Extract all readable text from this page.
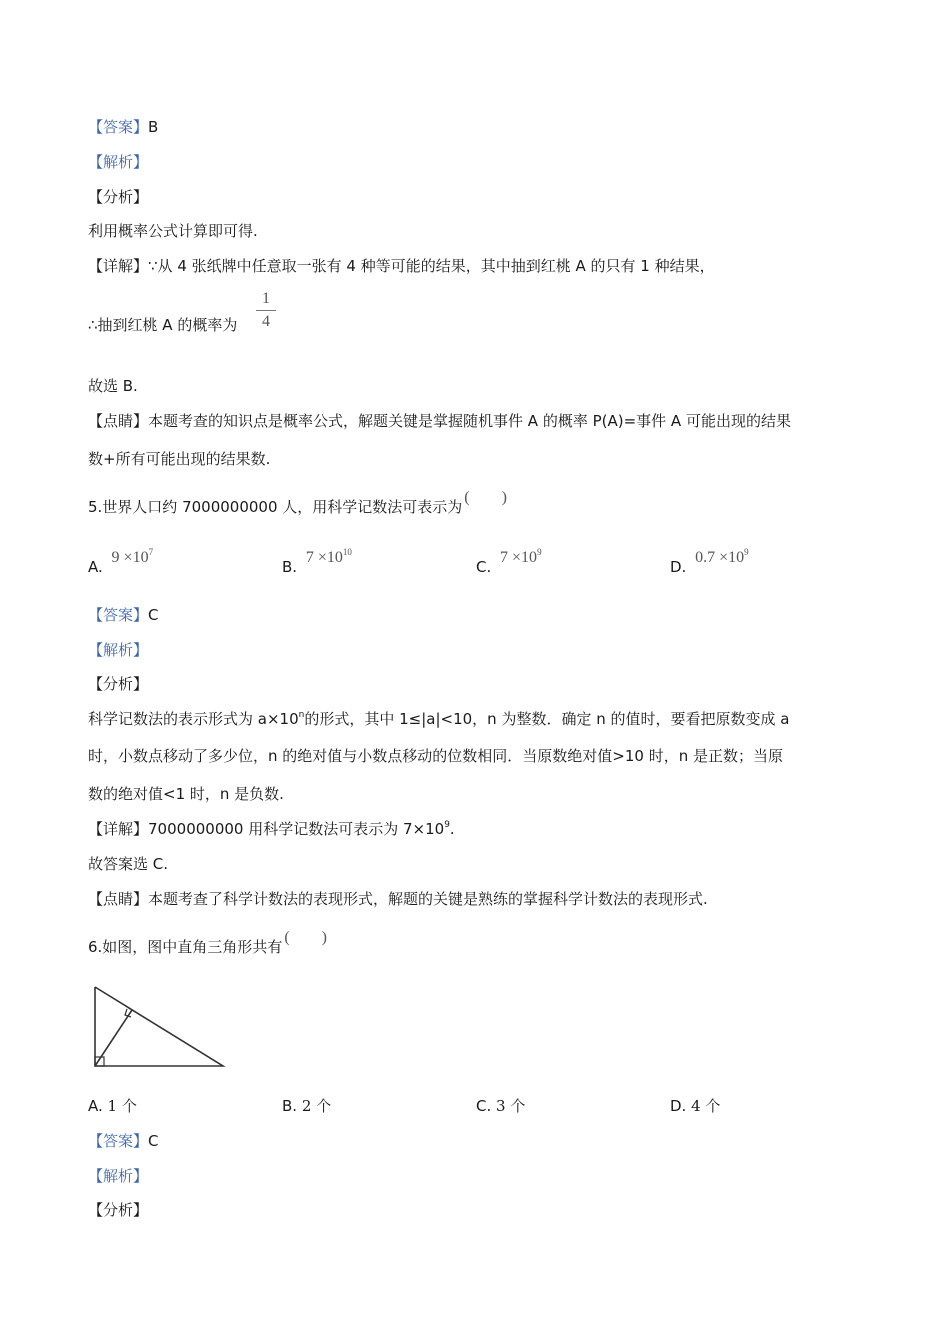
【答案】B
【解析】
【分析】
利用概率公式计算即可得.
【详解】∵从 4 张纸牌中任意取一张有 4 种等可能的结果，其中抽到红桃 A 的只有 1 种结果，
∴抽到红桃 A 的概率为
1
4
故选 B.
【点睛】本题考查的知识点是概率公式，解题关键是掌握随机事件 A 的概率 P(A)=事件 A 可能出现的结果
数+所有可能出现的结果数.
5.世界人口约 7000000000 人，用科学记数法可表示为(　　)
A. $9 \times 10^7$
B. $7 \times 10^{10}$
C. $7 \times 10^9$
D. $0.7 \times 10^9$
【答案】C
【解析】
【分析】
科学记数法的表示形式为 $a\times 10^n$的形式，其中 1≤|a|<10，n 为整数．确定 n 的值时，要看把原数变成 a
时，小数点移动了多少位，n 的绝对值与小数点移动的位数相同．当原数绝对值>10 时，n 是正数；当原
数的绝对值<1 时，n 是负数.
【详解】7000000000 用科学记数法可表示为 $7\times 10^9$.
故答案选 C.
【点睛】本题考查了科学计数法的表现形式，解题的关键是熟练的掌握科学计数法的表现形式.
6.如图，图中直角三角形共有(　　)
A. 1 个	B. 2 个	C. 3 个	D. 4 个
【答案】C
【解析】
【分析】
